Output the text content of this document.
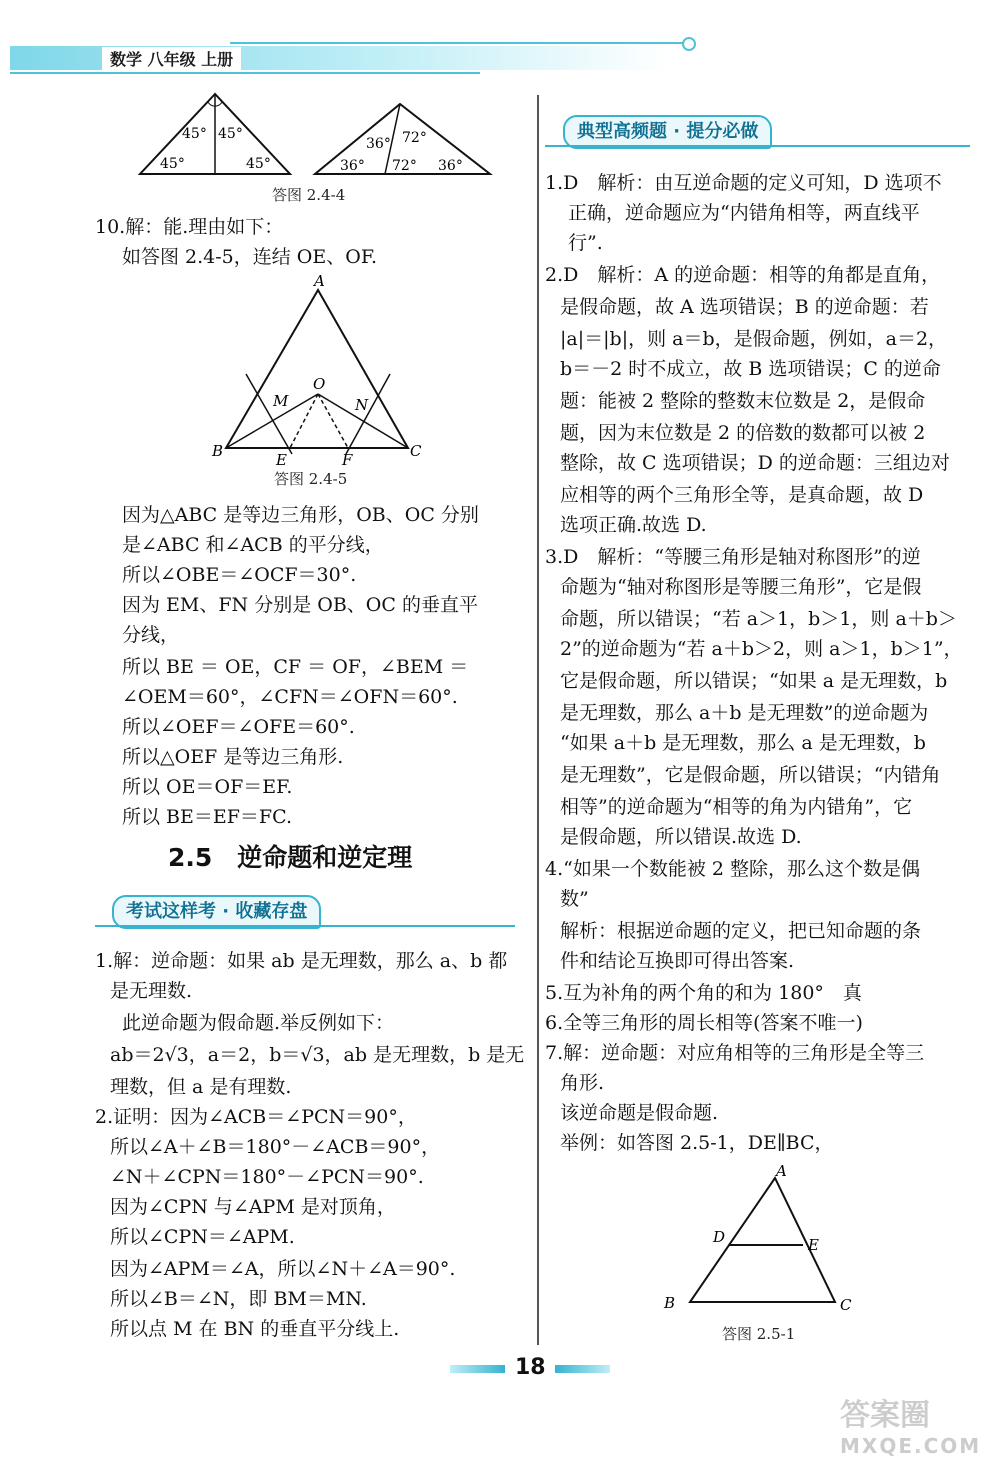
数学 八年级 上册
45° 45°
45°	45°
36° 72°
36° 72° 36°
答图 2.4-4
10.解：能.理由如下：
如答图 2.4-5，连结 OE、OF.
A
B	C
O
M	N
E	F
答图 2.4-5
因为△ABC 是等边三角形，OB、OC 分别
是∠ABC 和∠ACB 的平分线，
所以∠OBE＝∠OCF＝30°.
因为 EM、FN 分别是 OB、OC 的垂直平
分线，
所以 BE ＝ OE，CF ＝ OF，∠BEM ＝
∠OEM＝60°，∠CFN＝∠OFN＝60°.
所以∠OEF＝∠OFE＝60°.
所以△OEF 是等边三角形.
所以 OE＝OF＝EF.
所以 BE＝EF＝FC.
2.5　逆命题和逆定理
考试这样考 · 收藏存盘
1.解：逆命题：如果 ab 是无理数，那么 a、b 都
是无理数.
此逆命题为假命题.举反例如下：
ab＝2√3，a＝2，b＝√3，ab 是无理数，b 是无
理数，但 a 是有理数.
2.证明：因为∠ACB＝∠PCN＝90°，
所以∠A＋∠B＝180°－∠ACB＝90°，
∠N＋∠CPN＝180°－∠PCN＝90°.
因为∠CPN 与∠APM 是对顶角，
所以∠CPN＝∠APM.
因为∠APM＝∠A，所以∠N＋∠A＝90°.
所以∠B＝∠N，即 BM＝MN.
所以点 M 在 BN 的垂直平分线上.
典型高频题 · 提分必做
1.D　解析：由互逆命题的定义可知，D 选项不
正确，逆命题应为“内错角相等，两直线平
行”.
2.D　解析：A 的逆命题：相等的角都是直角，
是假命题，故 A 选项错误；B 的逆命题：若
|a|＝|b|，则 a＝b，是假命题，例如，a＝2，
b＝－2 时不成立，故 B 选项错误；C 的逆命
题：能被 2 整除的整数末位数是 2，是假命
题，因为末位数是 2 的倍数的数都可以被 2
整除，故 C 选项错误；D 的逆命题：三组边对
应相等的两个三角形全等，是真命题，故 D
选项正确.故选 D.
3.D　解析：“等腰三角形是轴对称图形”的逆
命题为“轴对称图形是等腰三角形”，它是假
命题，所以错误；“若 a＞1，b＞1，则 a＋b＞
2”的逆命题为“若 a＋b＞2，则 a＞1，b＞1”，
它是假命题，所以错误；“如果 a 是无理数，b
是无理数，那么 a＋b 是无理数”的逆命题为
“如果 a＋b 是无理数，那么 a 是无理数，b
是无理数”，它是假命题，所以错误；“内错角
相等”的逆命题为“相等的角为内错角”，它
是假命题，所以错误.故选 D.
4.“如果一个数能被 2 整除，那么这个数是偶
数”
解析：根据逆命题的定义，把已知命题的条
件和结论互换即可得出答案.
5.互为补角的两个角的和为 180°　真
6.全等三角形的周长相等(答案不唯一)
7.解：逆命题：对应角相等的三角形是全等三
角形.
该逆命题是假命题.
举例：如答图 2.5-1，DE∥BC，
A
B	C
D	E
答图 2.5-1
18
答案圈
MXQE.COM
